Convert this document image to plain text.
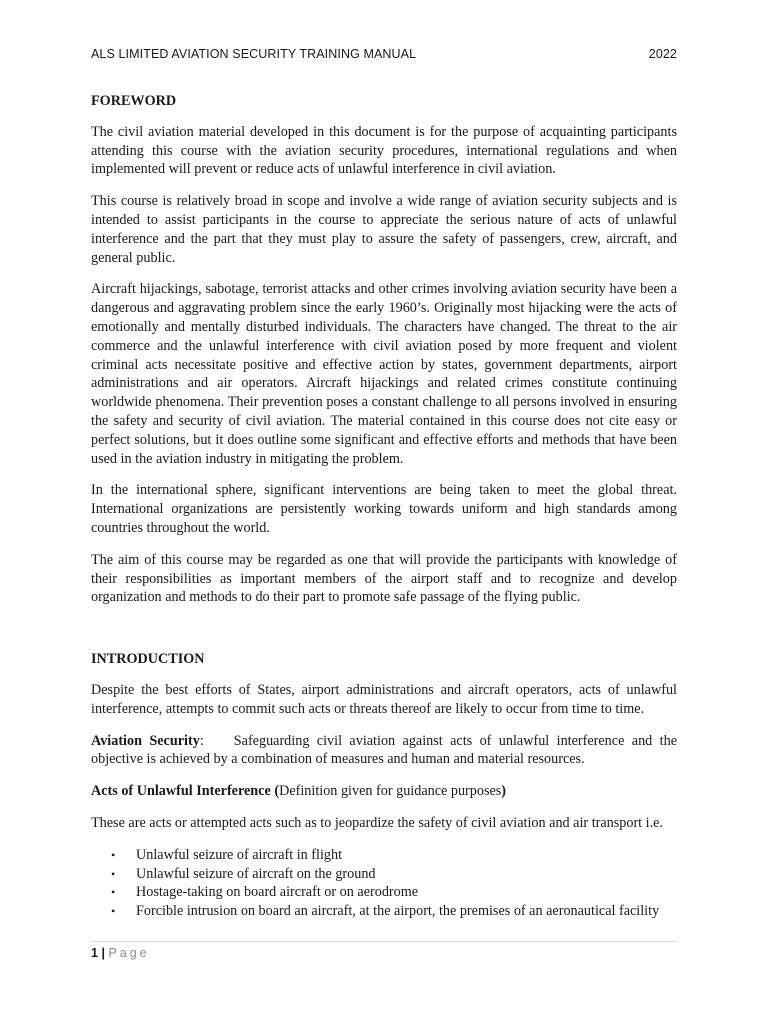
ALS LIMITED AVIATION SECURITY TRAINING MANUAL	2022
FOREWORD

The civil aviation material developed in this document is for the purpose of acquainting participants attending this course with the aviation security procedures, international regulations and when implemented will prevent or reduce acts of unlawful interference in civil aviation.

This course is relatively broad in scope and involve a wide range of aviation security subjects and is intended to assist participants in the course to appreciate the serious nature of acts of unlawful interference and the part that they must play to assure the safety of passengers, crew, aircraft, and general public.

Aircraft hijackings, sabotage, terrorist attacks and other crimes involving aviation security have been a dangerous and aggravating problem since the early 1960’s. Originally most hijacking were the acts of emotionally and mentally disturbed individuals. The characters have changed. The threat to the air commerce and the unlawful interference with civil aviation posed by more frequent and violent criminal acts necessitate positive and effective action by states, government departments, airport administrations and air operators. Aircraft hijackings and related crimes constitute continuing worldwide phenomena. Their prevention poses a constant challenge to all persons involved in ensuring the safety and security of civil aviation. The material contained in this course does not cite easy or perfect solutions, but it does outline some significant and effective efforts and methods that have been used in the aviation industry in mitigating the problem.

In the international sphere, significant interventions are being taken to meet the global threat. International organizations are persistently working towards uniform and high standards among countries throughout the world.

The aim of this course may be regarded as one that will provide the participants with knowledge of their responsibilities as important members of the airport staff and to recognize and develop organization and methods to do their part to promote safe passage of the flying public.

INTRODUCTION

Despite the best efforts of States, airport administrations and aircraft operators, acts of unlawful interference, attempts to commit such acts or threats thereof are likely to occur from time to time.

Aviation Security: Safeguarding civil aviation against acts of unlawful interference and the objective is achieved by a combination of measures and human and material resources.

Acts of Unlawful Interference (Definition given for guidance purposes)

These are acts or attempted acts such as to jeopardize the safety of civil aviation and air transport i.e.

• Unlawful seizure of aircraft in flight
• Unlawful seizure of aircraft on the ground
• Hostage-taking on board aircraft or on aerodrome
• Forcible intrusion on board an aircraft, at the airport, the premises of an aeronautical facility
1 | Page
